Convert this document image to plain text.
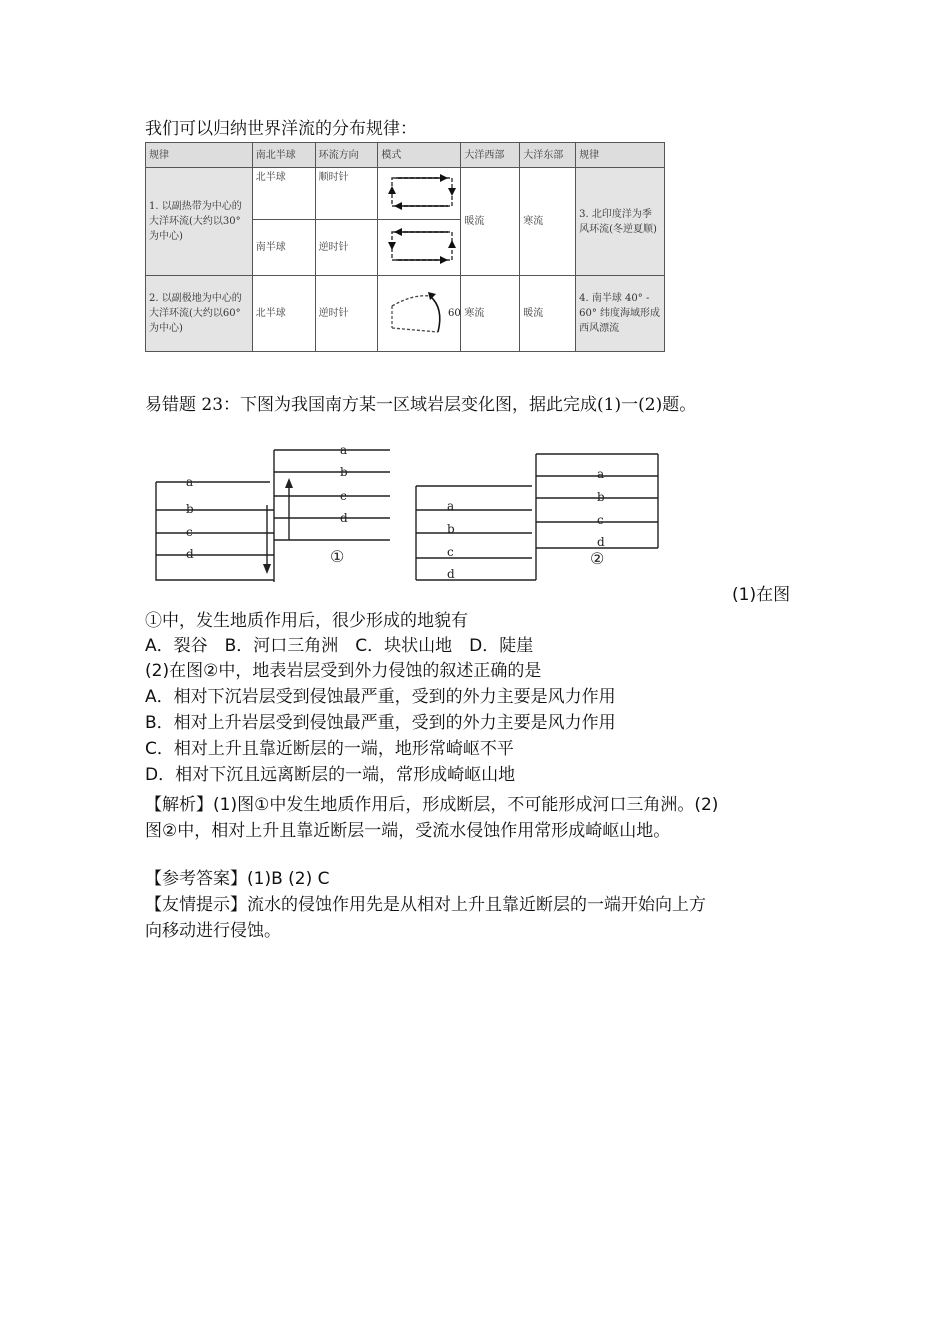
我们可以归纳世界洋流的分布规律：
规律	南北半球	环流方向	模式	大洋西部	大洋东部	规律
1. 以副热带为中心的大洋环流(大约以30° 为中心)	北半球	顺时针		暖流	寒流	3. 北印度洋为季风环流(冬逆夏顺)
	南半球	逆时针	
2. 以副极地为中心的大洋环流(大约以60° 为中心)	北半球	逆时针	60	寒流	暖流	4. 南半球 40° - 60° 纬度海域形成西风漂流
易错题 23：下图为我国南方某一区域岩层变化图，据此完成(1)一(2)题。
a
b
c
d
a
b
c
d
①
a
b
c
d
a
b
c
d
②
(1)在图
①中，发生地质作用后，很少形成的地貌有
A．裂谷　B．河口三角洲　C．块状山地　D．陡崖
(2)在图②中，地表岩层受到外力侵蚀的叙述正确的是
A．相对下沉岩层受到侵蚀最严重，受到的外力主要是风力作用
B．相对上升岩层受到侵蚀最严重，受到的外力主要是风力作用
C．相对上升且靠近断层的一端，地形常崎岖不平
D．相对下沉且远离断层的一端，常形成崎岖山地
【解析】(1)图①中发生地质作用后，形成断层，不可能形成河口三角洲。(2)
图②中，相对上升且靠近断层一端，受流水侵蚀作用常形成崎岖山地。
【参考答案】(1)B (2) C
【友情提示】流水的侵蚀作用先是从相对上升且靠近断层的一端开始向上方
向移动进行侵蚀。
